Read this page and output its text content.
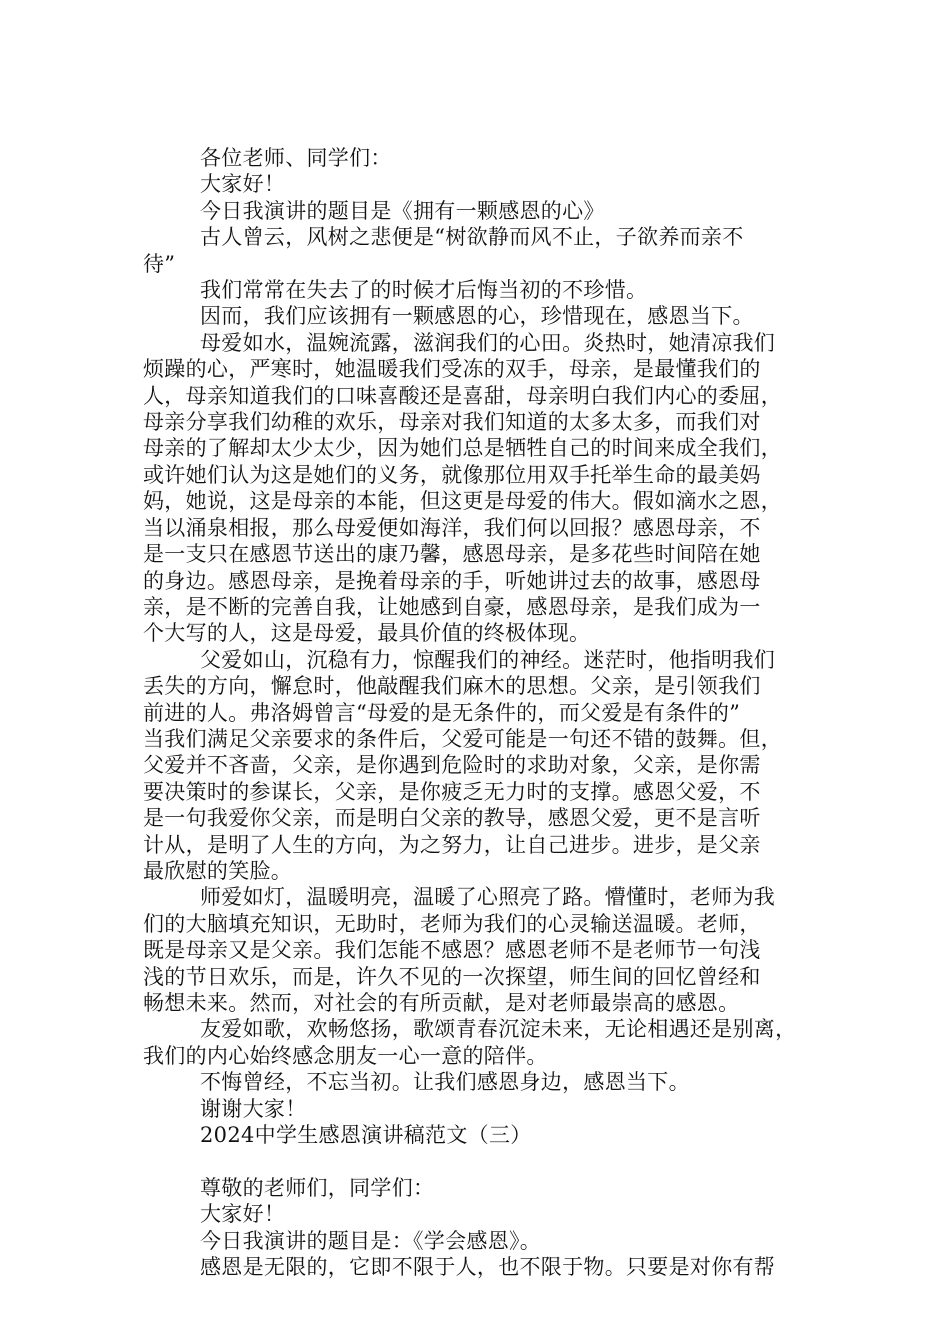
各位老师、同学们：
大家好！
今日我演讲的题目是《拥有一颗感恩的心》
古人曾云，风树之悲便是“树欲静而风不止，子欲养而亲不
待”
我们常常在失去了的时候才后悔当初的不珍惜。
因而，我们应该拥有一颗感恩的心，珍惜现在，感恩当下。
母爱如水，温婉流露，滋润我们的心田。炎热时，她清凉我们
烦躁的心，严寒时，她温暖我们受冻的双手，母亲，是最懂我们的
人，母亲知道我们的口味喜酸还是喜甜，母亲明白我们内心的委屈，
母亲分享我们幼稚的欢乐，母亲对我们知道的太多太多，而我们对
母亲的了解却太少太少，因为她们总是牺牲自己的时间来成全我们，
或许她们认为这是她们的义务，就像那位用双手托举生命的最美妈
妈，她说，这是母亲的本能，但这更是母爱的伟大。假如滴水之恩，
当以涌泉相报，那么母爱便如海洋，我们何以回报？感恩母亲，不
是一支只在感恩节送出的康乃馨，感恩母亲，是多花些时间陪在她
的身边。感恩母亲，是挽着母亲的手，听她讲过去的故事，感恩母
亲，是不断的完善自我，让她感到自豪，感恩母亲，是我们成为一
个大写的人，这是母爱，最具价值的终极体现。
父爱如山，沉稳有力，惊醒我们的神经。迷茫时，他指明我们
丢失的方向，懈怠时，他敲醒我们麻木的思想。父亲，是引领我们
前进的人。弗洛姆曾言“母爱的是无条件的，而父爱是有条件的”
当我们满足父亲要求的条件后，父爱可能是一句还不错的鼓舞。但，
父爱并不吝啬，父亲，是你遇到危险时的求助对象，父亲，是你需
要决策时的参谋长，父亲，是你疲乏无力时的支撑。感恩父爱，不
是一句我爱你父亲，而是明白父亲的教导，感恩父爱，更不是言听
计从，是明了人生的方向，为之努力，让自己进步。进步，是父亲
最欣慰的笑脸。
师爱如灯，温暖明亮，温暖了心照亮了路。懵懂时，老师为我
们的大脑填充知识，无助时，老师为我们的心灵输送温暖。老师，
既是母亲又是父亲。我们怎能不感恩？感恩老师不是老师节一句浅
浅的节日欢乐，而是，许久不见的一次探望，师生间的回忆曾经和
畅想未来。然而，对社会的有所贡献，是对老师最崇高的感恩。
友爱如歌，欢畅悠扬，歌颂青春沉淀未来，无论相遇还是别离，
我们的内心始终感念朋友一心一意的陪伴。
不悔曾经，不忘当初。让我们感恩身边，感恩当下。
谢谢大家！
2024中学生感恩演讲稿范文（三）
尊敬的老师们，同学们：
大家好！
今日我演讲的题目是：《学会感恩》。
感恩是无限的，它即不限于人，也不限于物。只要是对你有帮
